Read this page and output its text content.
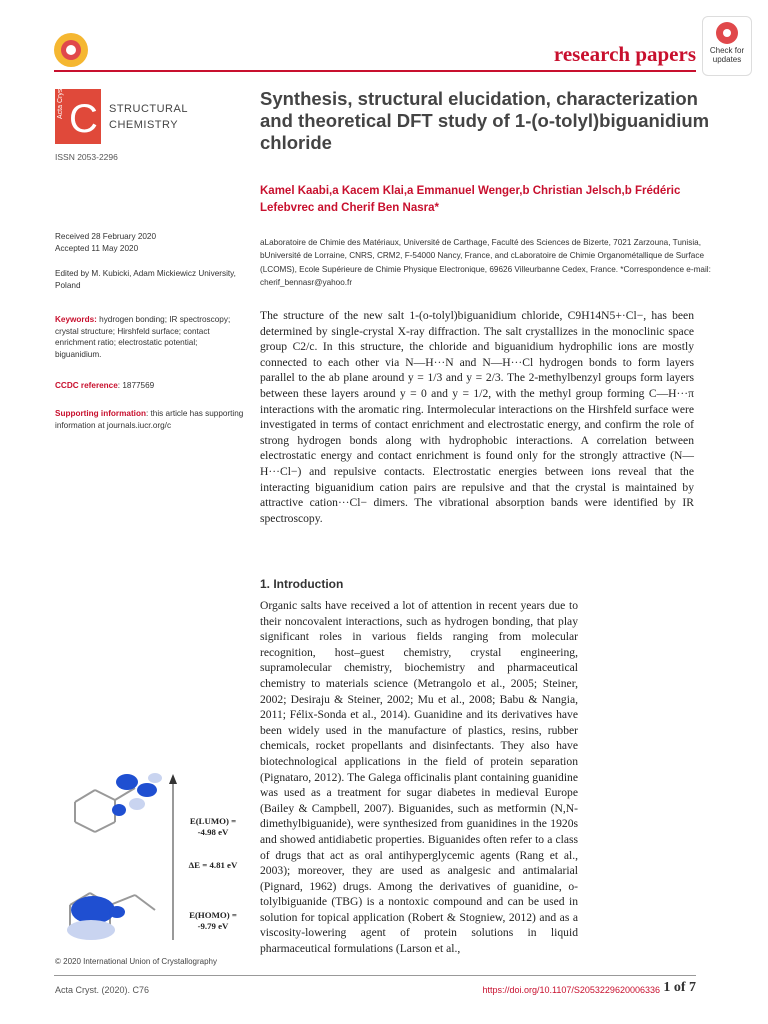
research papers	Check for
updates
Acta Cryst C STRUCTURAL
CHEMISTRY
ISSN 2053-2296
Synthesis, structural elucidation, characterization and theoretical DFT study of 1-(o-tolyl)biguanidium chloride
Kamel Kaabi,a Kacem Klai,a Emmanuel Wenger,b Christian Jelsch,b Frédéric Lefebvrec and Cherif Ben Nasra*
aLaboratoire de Chimie des Matériaux, Université de Carthage, Faculté des Sciences de Bizerte, 7021 Zarzouna, Tunisia, bUniversité de Lorraine, CNRS, CRM2, F-54000 Nancy, France, and cLaboratoire de Chimie Organométallique de Surface (LCOMS), Ecole Supérieure de Chimie Physique Electronique, 69626 Villeurbanne Cedex, France. *Correspondence e-mail: cherif_bennasr@yahoo.fr
Received 28 February 2020
Accepted 11 May 2020
Edited by M. Kubicki, Adam Mickiewicz University, Poland
Keywords: hydrogen bonding; IR spectroscopy; crystal structure; Hirshfeld surface; contact enrichment ratio; electrostatic potential; biguanidium.
CCDC reference: 1877569
Supporting information: this article has supporting information at journals.iucr.org/c
The structure of the new salt 1-(o-tolyl)biguanidium chloride, C9H14N5+·Cl−, has been determined by single-crystal X-ray diffraction. The salt crystallizes in the monoclinic space group C2/c. In this structure, the chloride and biguanidium hydrophilic ions are mostly connected to each other via N—H···N and N—H···Cl hydrogen bonds to form layers parallel to the ab plane around y = 1/3 and y = 2/3. The 2-methylbenzyl groups form layers between these layers around y = 0 and y = 1/2, with the methyl group forming C—H···π interactions with the aromatic ring. Intermolecular interactions on the Hirshfeld surface were investigated in terms of contact enrichment and electrostatic energy, and confirm the role of strong hydrogen bonds along with hydrophobic interactions. A correlation between electrostatic energy and contact enrichment is found only for the strongly attractive (N—H···Cl−) and repulsive contacts. Electrostatic energies between ions reveal that the interacting biguanidium cation pairs are repulsive and that the crystal is maintained by attractive cation···Cl− dimers. The vibrational absorption bands were identified by IR spectroscopy.
1. Introduction
Organic salts have received a lot of attention in recent years due to their noncovalent interactions, such as hydrogen bonding, that play significant roles in various fields ranging from molecular recognition, host–guest chemistry, crystal engineering, supramolecular chemistry, biochemistry and pharmaceutical chemistry to materials science (Metrangolo et al., 2005; Steiner, 2002; Desiraju & Steiner, 2002; Mu et al., 2008; Babu & Nangia, 2011; Félix-Sonda et al., 2014). Guanidine and its derivatives have been widely used in the manufacture of plastics, resins, rubber chemicals, rocket propellants and disinfectants. They also have biotechnological applications in the field of protein separation (Pignataro, 2012). The Galega officinalis plant containing guanidine was used as a treatment for sugar diabetes in medieval Europe (Bailey & Campbell, 2007). Biguanides, such as metformin (N,N-dimethylbiguanide), were synthesized from guanidines in the 1920s and showed antidiabetic properties. Biguanides often refer to a class of drugs that act as oral antihyperglycemic agents (Rang et al., 2003); moreover, they are used as analgesic and antimalarial (Pignard, 1962) drugs. Among the derivatives of guanidine, o-tolylbiguanide (TBG) is a nontoxic compound and can be used in solution for topical application (Robert & Stogniew, 2012) and as a viscosity-lowering agent of protein solutions in liquid pharmaceutical formulations (Larson et al.,
E(LUMO) =
-4.98 eV
ΔE = 4.81 eV
E(HOMO) =
-9.79 eV
© 2020 International Union of Crystallography
Acta Cryst. (2020). C76	https://doi.org/10.1107/S2053229620006336 1 of 7
